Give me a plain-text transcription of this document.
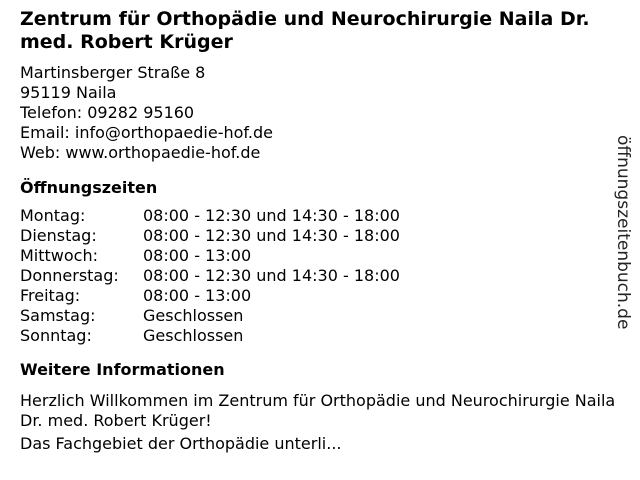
Zentrum für Orthopädie und Neurochirurgie Naila Dr. med. Robert Krüger
Martinsberger Straße 8
95119 Naila
Telefon: 09282 95160
Email: info@orthopaedie-hof.de
Web: www.orthopaedie-hof.de
Öffnungszeiten
Montag:	08:00 - 12:30 und 14:30 - 18:00
Dienstag:	08:00 - 12:30 und 14:30 - 18:00
Mittwoch:	08:00 - 13:00
Donnerstag:	08:00 - 12:30 und 14:30 - 18:00
Freitag:	08:00 - 13:00
Samstag:	Geschlossen
Sonntag:	Geschlossen
Weitere Informationen

Herzlich Willkommen im Zentrum für Orthopädie und Neurochirurgie Naila Dr. med. Robert Krüger!

Das Fachgebiet der Orthopädie unterli...

öffnungszeitenbuch.de
